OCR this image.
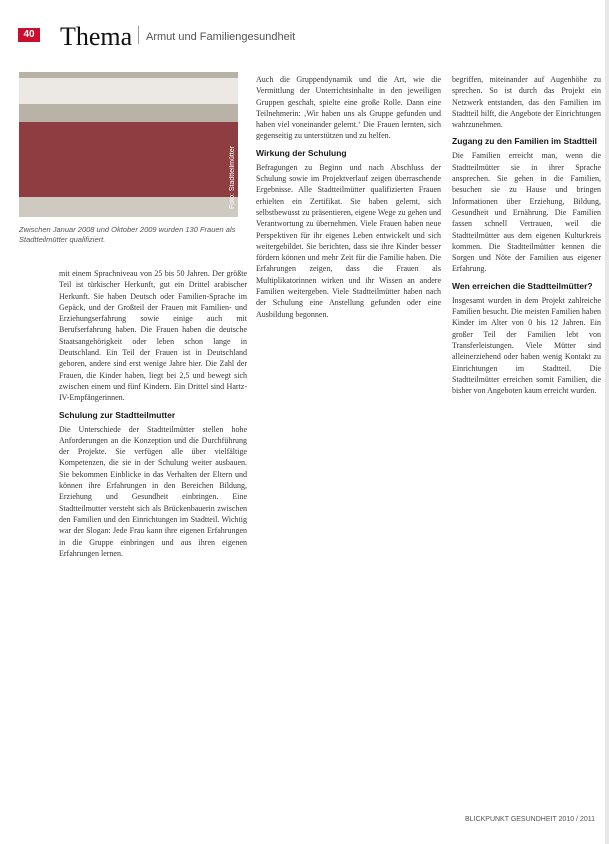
40 Thema Armut und Familiengesundheit
Foto: Stadtteilmütter
Zwischen Januar 2008 und Oktober 2009 wurden 130 Frauen als Stadtteilmütter qualifiziert.

mit einem Sprachniveau von 25 bis 50 Jahren. Der größte Teil ist türkischer Herkunft, gut ein Drittel arabischer Herkunft. Sie haben Deutsch oder Familien-Sprache im Gepäck, und der Großteil der Frauen mit Familien- und Erziehungserfahrung sowie einige auch mit Berufserfahrung haben. Die Frauen haben die deutsche Staatsangehörigkeit oder leben schon lange in Deutschland. Ein Teil der Frauen ist in Deutschland geboren, andere sind erst wenige Jahre hier. Die Zahl der Frauen, die Kinder haben, liegt bei 2,5 und bewegt sich zwischen einem und fünf Kindern. Ein Drittel sind Hartz-IV-Empfängerinnen.

Schulung zur Stadtteilmutter

Die Unterschiede der Stadtteilmütter stellen hohe Anforderungen an die Konzeption und die Durchführung der Projekte. Sie verfügen alle über vielfältige Kompetenzen, die sie in der Schulung weiter ausbauen. Sie bekommen Einblicke in das Verhalten der Eltern und können ihre Erfahrungen in den Bereichen Bildung, Erziehung und Gesundheit einbringen. Eine Stadtteilmutter versteht sich als Brückenbauerin zwischen den Familien und den Einrichtungen im Stadtteil. Wichtig war der Slogan: Jede Frau kann ihre eigenen Erfahrungen in die Gruppe einbringen und aus ihren eigenen Erfahrungen lernen.

Auch die Gruppendynamik und die Art, wie die Vermittlung der Unterrichtsinhalte in den jeweiligen Gruppen geschah, spielte eine große Rolle. Dann eine Teilnehmerin: ‚Wir haben uns als Gruppe gefunden und haben viel voneinander gelernt.‘ Die Frauen lernten, sich gegenseitig zu unterstützen und zu helfen.

Wirkung der Schulung

Befragungen zu Beginn und nach Abschluss der Schulung sowie im Projektverlauf zeigen überraschende Ergebnisse. Alle Stadtteilmütter qualifizierten Frauen erhielten ein Zertifikat. Sie haben gelernt, sich selbstbewusst zu präsentieren, eigene Wege zu gehen und Verantwortung zu übernehmen. Viele Frauen haben neue Perspektiven für ihr eigenes Leben entwickelt und sich weitergebildet. Sie berichten, dass sie ihre Kinder besser fördern können und mehr Zeit für die Familie haben. Die Erfahrungen zeigen, dass die Frauen als Multiplikatorinnen wirken und ihr Wissen an andere Familien weitergeben. Viele Stadtteilmütter haben nach der Schulung eine Anstellung gefunden oder eine Ausbildung begonnen.

begriffen, miteinander auf Augenhöhe zu sprechen. So ist durch das Projekt ein Netzwerk entstanden, das den Familien im Stadtteil hilft, die Angebote der Einrichtungen wahrzunehmen.

Zugang zu den Familien im Stadtteil

Die Familien erreicht man, wenn die Stadtteilmütter sie in ihrer Sprache ansprechen. Sie gehen in die Familien, besuchen sie zu Hause und bringen Informationen über Erziehung, Bildung, Gesundheit und Ernährung. Die Familien fassen schnell Vertrauen, weil die Stadtteilmütter aus dem eigenen Kulturkreis kommen. Die Stadtteilmütter kennen die Sorgen und Nöte der Familien aus eigener Erfahrung.

Wen erreichen die Stadtteilmütter?

Insgesamt wurden in dem Projekt zahlreiche Familien besucht. Die meisten Familien haben Kinder im Alter von 0 bis 12 Jahren. Ein großer Teil der Familien lebt von Transferleistungen. Viele Mütter sind alleinerziehend oder haben wenig Kontakt zu Einrichtungen im Stadtteil. Die Stadtteilmütter erreichen somit Familien, die bisher von Angeboten kaum erreicht wurden.

BLICKPUNKT GESUNDHEIT 2010 / 2011
